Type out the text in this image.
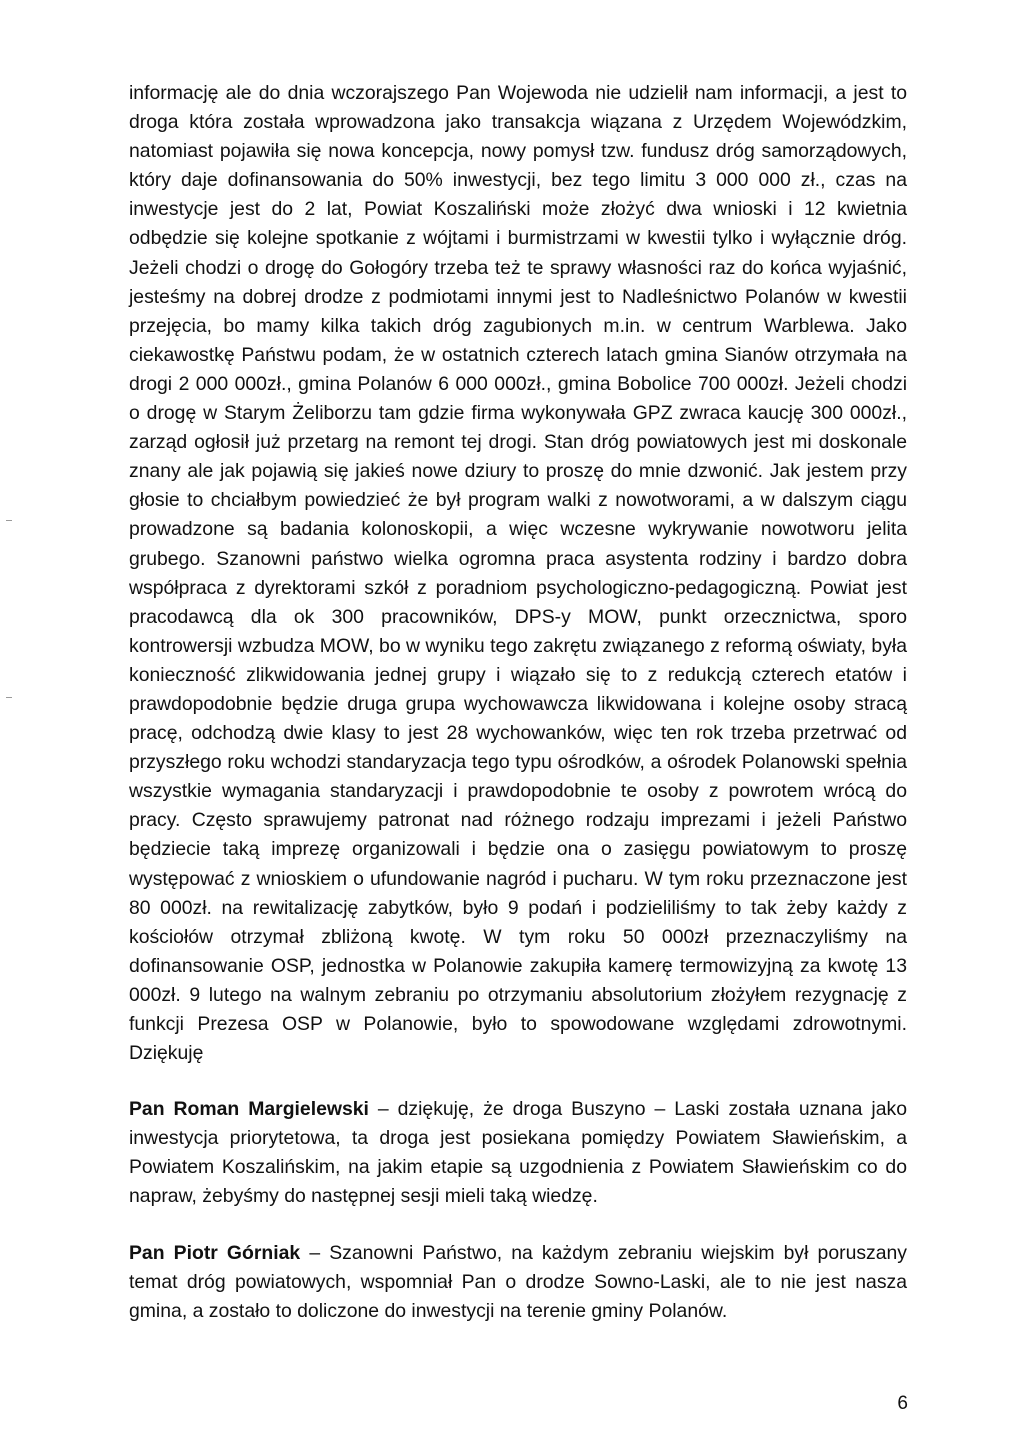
informację ale do dnia wczorajszego Pan Wojewoda nie udzielił nam informacji, a jest to droga która została wprowadzona jako transakcja wiązana z Urzędem Wojewódzkim, natomiast pojawiła się nowa koncepcja, nowy pomysł tzw. fundusz dróg samorządowych, który daje dofinansowania do 50% inwestycji, bez tego limitu 3 000 000 zł., czas na inwestycje jest do 2 lat, Powiat Koszaliński może złożyć dwa wnioski i 12 kwietnia odbędzie się kolejne spotkanie z wójtami i burmistrzami w kwestii tylko i wyłącznie dróg. Jeżeli chodzi o drogę do Gołogóry trzeba też te sprawy własności raz do końca wyjaśnić, jesteśmy na dobrej drodze z podmiotami innymi jest to Nadleśnictwo Polanów w kwestii przejęcia, bo mamy kilka takich dróg zagubionych m.in. w centrum Warblewa. Jako ciekawostkę Państwu podam, że w ostatnich czterech latach gmina Sianów otrzymała na drogi 2 000 000zł., gmina Polanów 6 000 000zł., gmina Bobolice 700 000zł. Jeżeli chodzi o drogę w Starym Żeliborzu tam gdzie firma wykonywała GPZ zwraca kaucję 300 000zł., zarząd ogłosił już przetarg na remont tej drogi. Stan dróg powiatowych jest mi doskonale znany ale jak pojawią się jakieś nowe dziury to proszę do mnie dzwonić. Jak jestem przy głosie to chciałbym powiedzieć że był program walki z nowotworami, a w dalszym ciągu prowadzone są badania kolonoskopii, a więc wczesne wykrywanie nowotworu jelita grubego. Szanowni państwo wielka ogromna praca asystenta rodziny i bardzo dobra współpraca z dyrektorami szkół z poradniom psychologiczno-pedagogiczną. Powiat jest pracodawcą dla ok 300 pracowników, DPS-y MOW, punkt orzecznictwa, sporo kontrowersji wzbudza MOW, bo w wyniku tego zakrętu związanego z reformą oświaty, była konieczność zlikwidowania jednej grupy i wiązało się to z redukcją czterech etatów i prawdopodobnie będzie druga grupa wychowawcza likwidowana i kolejne osoby stracą pracę, odchodzą dwie klasy to jest 28 wychowanków, więc ten rok trzeba przetrwać od przyszłego roku wchodzi standaryzacja tego typu ośrodków, a ośrodek Polanowski spełnia wszystkie wymagania standaryzacji i prawdopodobnie te osoby z powrotem wrócą do pracy. Często sprawujemy patronat nad różnego rodzaju imprezami i jeżeli Państwo będziecie taką imprezę organizowali i będzie ona o zasięgu powiatowym to proszę występować z wnioskiem o ufundowanie nagród i pucharu. W tym roku przeznaczone jest 80 000zł. na rewitalizację zabytków, było 9 podań i podzieliliśmy to tak żeby każdy z kościołów otrzymał zbliżoną kwotę. W tym roku 50 000zł przeznaczyliśmy na dofinansowanie OSP, jednostka w Polanowie zakupiła kamerę termowizyjną za kwotę 13 000zł. 9 lutego na walnym zebraniu po otrzymaniu absolutorium złożyłem rezygnację z funkcji Prezesa OSP w Polanowie, było to spowodowane względami zdrowotnymi. Dziękuję

Pan Roman Margielewski – dziękuję, że droga Buszyno – Laski została uznana jako inwestycja priorytetowa, ta droga jest posiekana pomiędzy Powiatem Sławieńskim, a Powiatem Koszalińskim, na jakim etapie są uzgodnienia z Powiatem Sławieńskim co do napraw, żebyśmy do następnej sesji mieli taką wiedzę.

Pan Piotr Górniak – Szanowni Państwo, na każdym zebraniu wiejskim był poruszany temat dróg powiatowych, wspomniał Pan o drodze Sowno-Laski, ale to nie jest nasza gmina, a zostało to doliczone do inwestycji na terenie gminy Polanów.

6
